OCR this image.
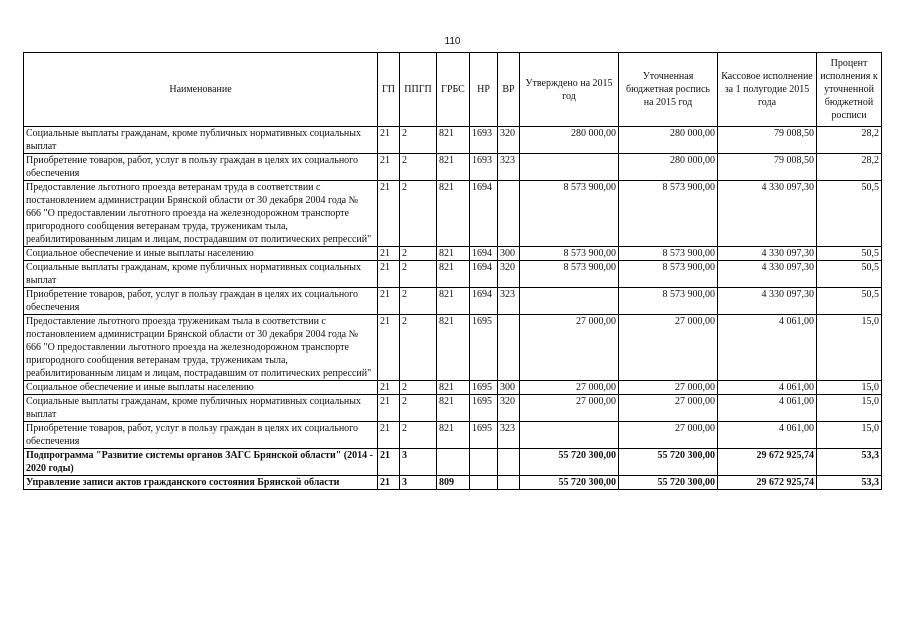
110
Наименование	ГП	ППГП	ГРБС	НР	ВР	Утверждено на 2015 год	Уточненная бюджетная роспись на 2015 год	Кассовое исполнение за 1 полугодие 2015 года	Процент исполнения к уточненной бюджетной росписи
Социальные выплаты гражданам, кроме публичных нормативных социальных выплат	21	2	821	1693	320	280 000,00	280 000,00	79 008,50	28,2
Приобретение товаров, работ, услуг в пользу граждан в целях их социального обеспечения	21	2	821	1693	323		280 000,00	79 008,50	28,2
Предоставление льготного проезда ветеранам труда в соответствии с постановлением администрации Брянской области от 30 декабря 2004 года № 666 "О предоставлении льготного проезда на железнодорожном транспорте пригородного сообщения ветеранам труда, труженикам тыла, реабилитированным лицам и лицам, пострадавшим от политических репрессий"	21	2	821	1694		8 573 900,00	8 573 900,00	4 330 097,30	50,5
Социальное обеспечение и иные выплаты населению	21	2	821	1694	300	8 573 900,00	8 573 900,00	4 330 097,30	50,5
Социальные выплаты гражданам, кроме публичных нормативных социальных выплат	21	2	821	1694	320	8 573 900,00	8 573 900,00	4 330 097,30	50,5
Приобретение товаров, работ, услуг в пользу граждан в целях их социального обеспечения	21	2	821	1694	323		8 573 900,00	4 330 097,30	50,5
Предоставление льготного проезда труженикам тыла в соответствии с постановлением администрации Брянской области от 30 декабря 2004 года № 666 "О предоставлении льготного проезда на железнодорожном транспорте пригородного сообщения ветеранам труда, труженикам тыла, реабилитированным лицам и лицам, пострадавшим от политических репрессий"	21	2	821	1695		27 000,00	27 000,00	4 061,00	15,0
Социальное обеспечение и иные выплаты населению	21	2	821	1695	300	27 000,00	27 000,00	4 061,00	15,0
Социальные выплаты гражданам, кроме публичных нормативных социальных выплат	21	2	821	1695	320	27 000,00	27 000,00	4 061,00	15,0
Приобретение товаров, работ, услуг в пользу граждан в целях их социального обеспечения	21	2	821	1695	323		27 000,00	4 061,00	15,0
Подпрограмма "Развитие системы органов ЗАГС Брянской области" (2014 - 2020 годы)	21	3				55 720 300,00	55 720 300,00	29 672 925,74	53,3
Управление записи актов гражданского состояния Брянской области	21	3	809			55 720 300,00	55 720 300,00	29 672 925,74	53,3
